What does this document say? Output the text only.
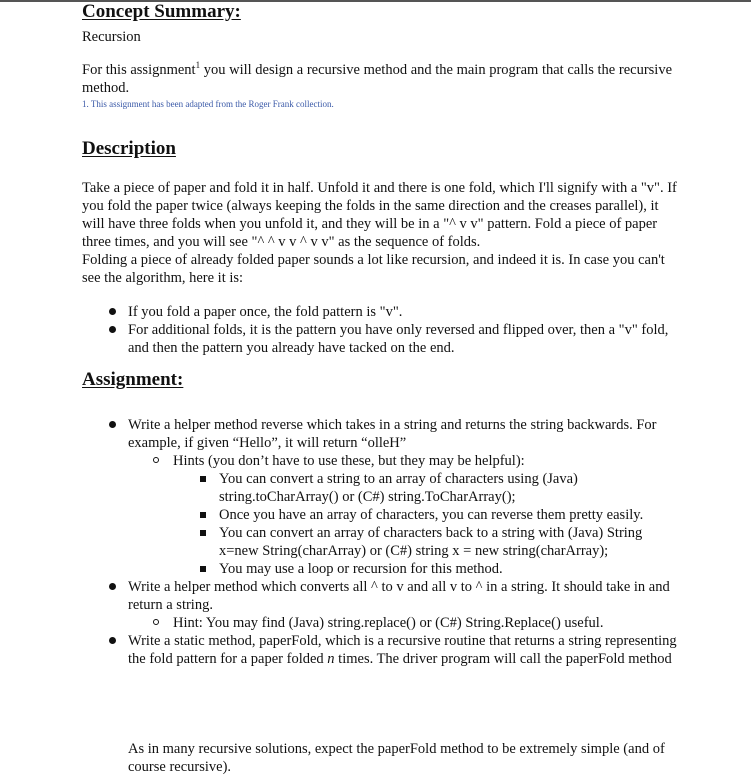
Concept Summary:

Recursion

For this assignment$^1$ you will design a recursive method and the main program that calls the recursive method.

1. This assignment has been adapted from the Roger Frank collection.
Description

Take a piece of paper and fold it in half. Unfold it and there is one fold, which I'll signify with a "v". If you fold the paper twice (always keeping the folds in the same direction and the creases parallel), it will have three folds when you unfold it, and they will be in a "^ v v" pattern. Fold a piece of paper three times, and you will see "^ ^ v v ^ v v" as the sequence of folds.

Folding a piece of already folded paper sounds a lot like recursion, and indeed it is. In case you can't see the algorithm, here it is:

If you fold a paper once, the fold pattern is "v".
For additional folds, it is the pattern you have only reversed and flipped over, then a "v" fold, and then the pattern you already have tacked on the end.
Assignment:
Write a helper method reverse which takes in a string and returns the string backwards. For example, if given “Hello”, it will return “olleH”
Hints (you don’t have to use these, but they may be helpful):
You can convert a string to an array of characters using (Java) string.toCharArray() or (C#) string.ToCharArray();
Once you have an array of characters, you can reverse them pretty easily.
You can convert an array of characters back to a string with (Java) String x=new String(charArray) or (C#) string x = new string(charArray);
You may use a loop or recursion for this method.
Write a helper method which converts all ^ to v and all v to ^ in a string. It should take in and return a string.
Hint: You may find (Java) string.replace() or (C#) String.Replace() useful.
Write a static method, paperFold, which is a recursive routine that returns a string representing the fold pattern for a paper folded n times. The driver program will call the paperFold method

As in many recursive solutions, expect the paperFold method to be extremely simple (and of course recursive).
